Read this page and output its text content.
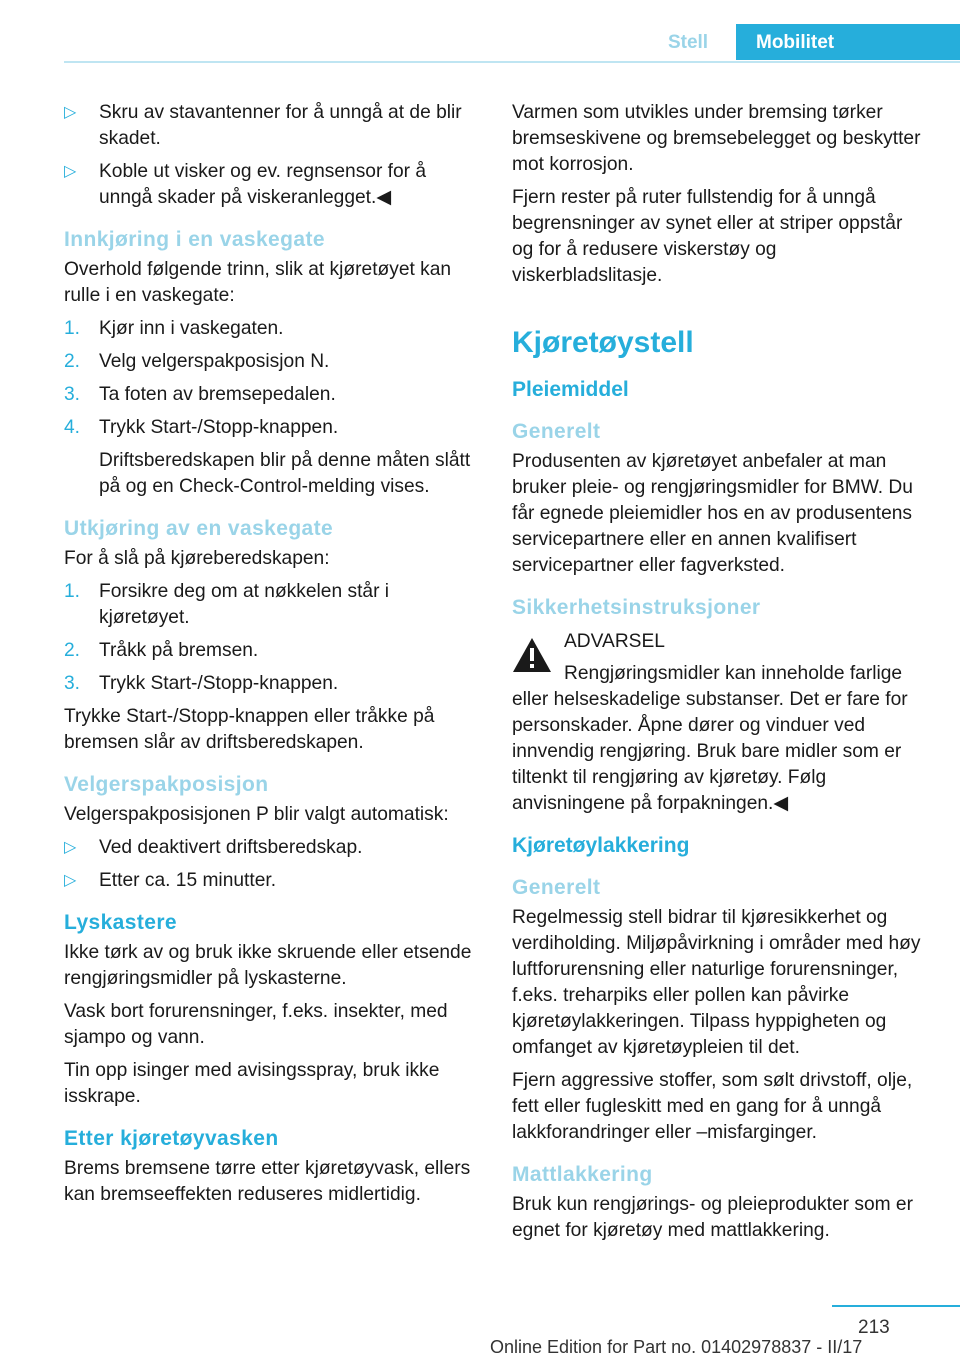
Stell	Mobilitet
▷ Skru av stavantenner for å unngå at de blir skadet.
▷ Koble ut visker og ev. regnsensor for å unngå skader på viskeranlegget.◀
Innkjøring i en vaskegate

Overhold følgende trinn, slik at kjøretøyet kan rulle i en vaskegate:

1. Kjør inn i vaskegaten.
2. Velg velgerspakposisjon N.
3. Ta foten av bremsepedalen.
4. Trykk Start-/Stopp-knappen.

Driftsberedskapen blir på denne måten slått på og en Check-Control-melding vises.

Utkjøring av en vaskegate

For å slå på kjøreberedskapen:

1. Forsikre deg om at nøkkelen står i kjøretøyet.
2. Tråkk på bremsen.
3. Trykk Start-/Stopp-knappen.

Trykke Start-/Stopp-knappen eller tråkke på bremsen slår av driftsberedskapen.

Velgerspakposisjon

Velgerspakposisjonen P blir valgt automatisk:

▷ Ved deaktivert driftsberedskap.
▷ Etter ca. 15 minutter.
Lyskastere

Ikke tørk av og bruk ikke skruende eller etsende rengjøringsmidler på lyskasterne.

Vask bort forurensninger, f.eks. insekter, med sjampo og vann.

Tin opp isinger med avisingsspray, bruk ikke isskrape.

Etter kjøretøyvasken

Brems bremsene tørre etter kjøretøyvask, ellers kan bremseeffekten reduseres midlertidig.

Varmen som utvikles under bremsing tørker bremseskivene og bremsebelegget og beskytter mot korrosjon.

Fjern rester på ruter fullstendig for å unngå begrensninger av synet eller at striper oppstår og for å redusere viskerstøy og viskerbladslitasje.

Kjøretøystell
Pleiemiddel
Generelt

Produsenten av kjøretøyet anbefaler at man bruker pleie- og rengjøringsmidler for BMW. Du får egnede pleiemidler hos en av produsentens servicepartnere eller en annen kvalifisert servicepartner eller fagverksted.

Sikkerhetsinstruksjoner

ADVARSEL

Rengjøringsmidler kan inneholde farlige eller helseskadelige substanser. Det er fare for personskader. Åpne dører og vinduer ved innvendig rengjøring. Bruk bare midler som er tiltenkt til rengjøring av kjøretøy. Følg anvisningene på forpakningen.◀

Kjøretøylakkering
Generelt

Regelmessig stell bidrar til kjøresikkerhet og verdiholding. Miljøpåvirkning i områder med høy luftforurensning eller naturlige forurensninger, f.eks. treharpiks eller pollen kan påvirke kjøretøylakkeringen. Tilpass hyppigheten og omfanget av kjøretøypleien til det.

Fjern aggressive stoffer, som sølt drivstoff, olje, fett eller fugleskitt med en gang for å unngå lakkforandringer eller –misfarginger.

Mattlakkering

Bruk kun rengjørings- og pleieprodukter som er egnet for kjøretøy med mattlakkering.

213
Online Edition for Part no. 01402978837 - II/17
